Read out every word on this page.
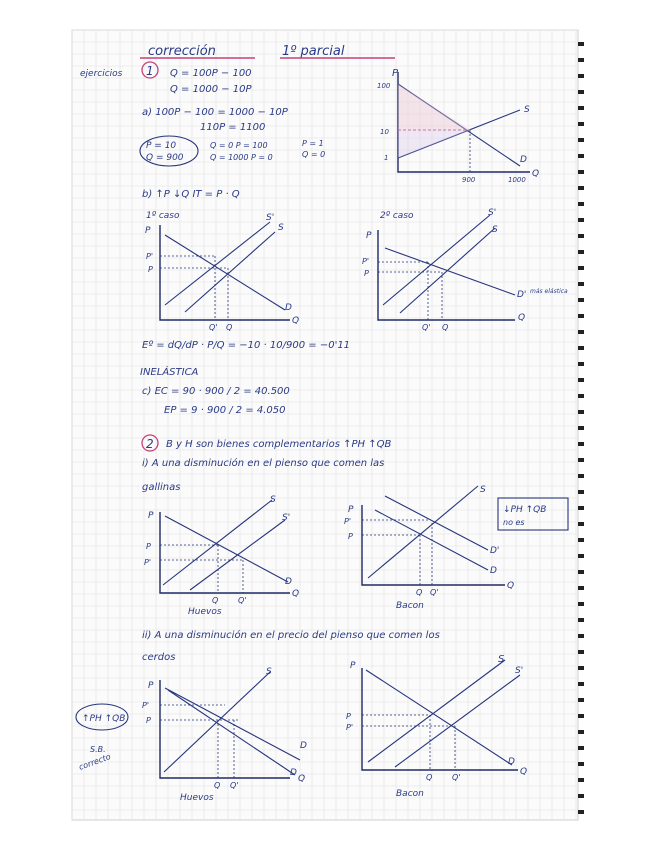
corrección	1º parcial
ejercicios 1 Q = 100P − 100
Q = 1000 − 10P
a) 100P − 100 = 1000 − 10P
110P = 1100
P = 10
Q = 900
Q = 0 P = 100
Q = 1000 P = 0
P = 1
Q = 0
P
100
10
1
900	1000
S
D
Q
b) ↑P ↓Q IT = P · Q
1º caso	2º caso
P
P'
P
Q' Q
S'
S
D
Q
P
P'
P
Q' Q
S'
S
D' más elástica
Q
Eº = dQ/dP · P/Q = −10 · 10/900 = −0'11
INELÁSTICA
c) EC = 90 · 900 / 2 = 40.500
EP = 9 · 900 / 2 = 4.050
2 B y H son bienes complementarios ↑PH ↑QB
i) A una disminución en el pienso que comen las
gallinas
P
P
P'
Q Q'
S
S'
D
Q
Huevos
P
P'
P
Q Q'
S
D'
D
Q
Bacon
↓PH ↑QB
no es
ii) A una disminución en el precio del pienso que comen los
cerdos
↑PH ↑QB
S.B.
correcto
P
P'
P
Q Q'
S
D
D
Q
Huevos
P
P
P'
Q Q'
S
S'
D
Q
Bacon
